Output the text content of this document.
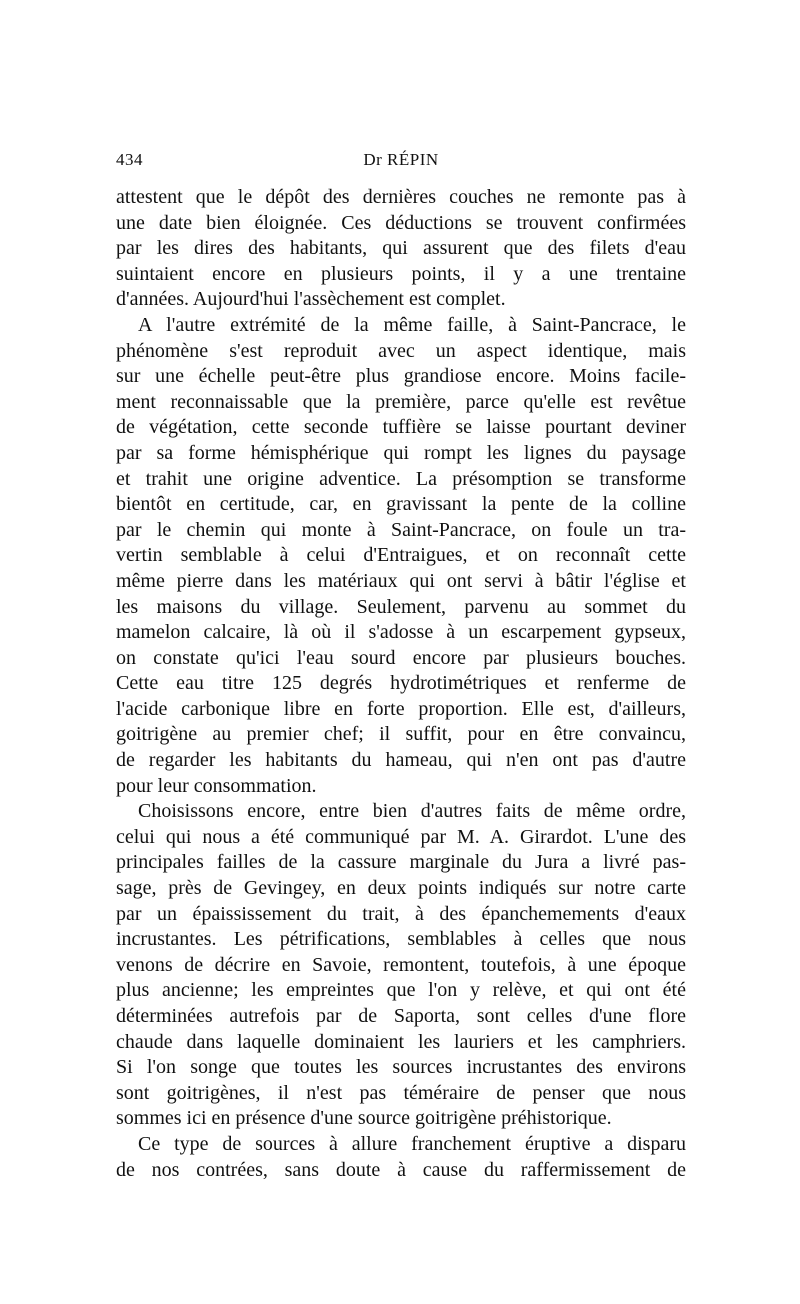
434	Dr RÉPIN
attestent que le dépôt des dernières couches ne remonte pas à
une date bien éloignée. Ces déductions se trouvent confirmées
par les dires des habitants, qui assurent que des filets d'eau
suintaient encore en plusieurs points, il y a une trentaine
d'années. Aujourd'hui l'assèchement est complet.
A l'autre extrémité de la même faille, à Saint-Pancrace, le
phénomène s'est reproduit avec un aspect identique, mais
sur une échelle peut-être plus grandiose encore. Moins facile-
ment reconnaissable que la première, parce qu'elle est revêtue
de végétation, cette seconde tuffière se laisse pourtant deviner
par sa forme hémisphérique qui rompt les lignes du paysage
et trahit une origine adventice. La présomption se transforme
bientôt en certitude, car, en gravissant la pente de la colline
par le chemin qui monte à Saint-Pancrace, on foule un tra-
vertin semblable à celui d'Entraigues, et on reconnaît cette
même pierre dans les matériaux qui ont servi à bâtir l'église et
les maisons du village. Seulement, parvenu au sommet du
mamelon calcaire, là où il s'adosse à un escarpement gypseux,
on constate qu'ici l'eau sourd encore par plusieurs bouches.
Cette eau titre 125 degrés hydrotimétriques et renferme de
l'acide carbonique libre en forte proportion. Elle est, d'ailleurs,
goitrigène au premier chef; il suffit, pour en être convaincu,
de regarder les habitants du hameau, qui n'en ont pas d'autre
pour leur consommation.
Choisissons encore, entre bien d'autres faits de même ordre,
celui qui nous a été communiqué par M. A. Girardot. L'une des
principales failles de la cassure marginale du Jura a livré pas-
sage, près de Gevingey, en deux points indiqués sur notre carte
par un épaississement du trait, à des épanchemements d'eaux
incrustantes. Les pétrifications, semblables à celles que nous
venons de décrire en Savoie, remontent, toutefois, à une époque
plus ancienne; les empreintes que l'on y relève, et qui ont été
déterminées autrefois par de Saporta, sont celles d'une flore
chaude dans laquelle dominaient les lauriers et les camphriers.
Si l'on songe que toutes les sources incrustantes des environs
sont goitrigènes, il n'est pas téméraire de penser que nous
sommes ici en présence d'une source goitrigène préhistorique.
Ce type de sources à allure franchement éruptive a disparu
de nos contrées, sans doute à cause du raffermissement de
